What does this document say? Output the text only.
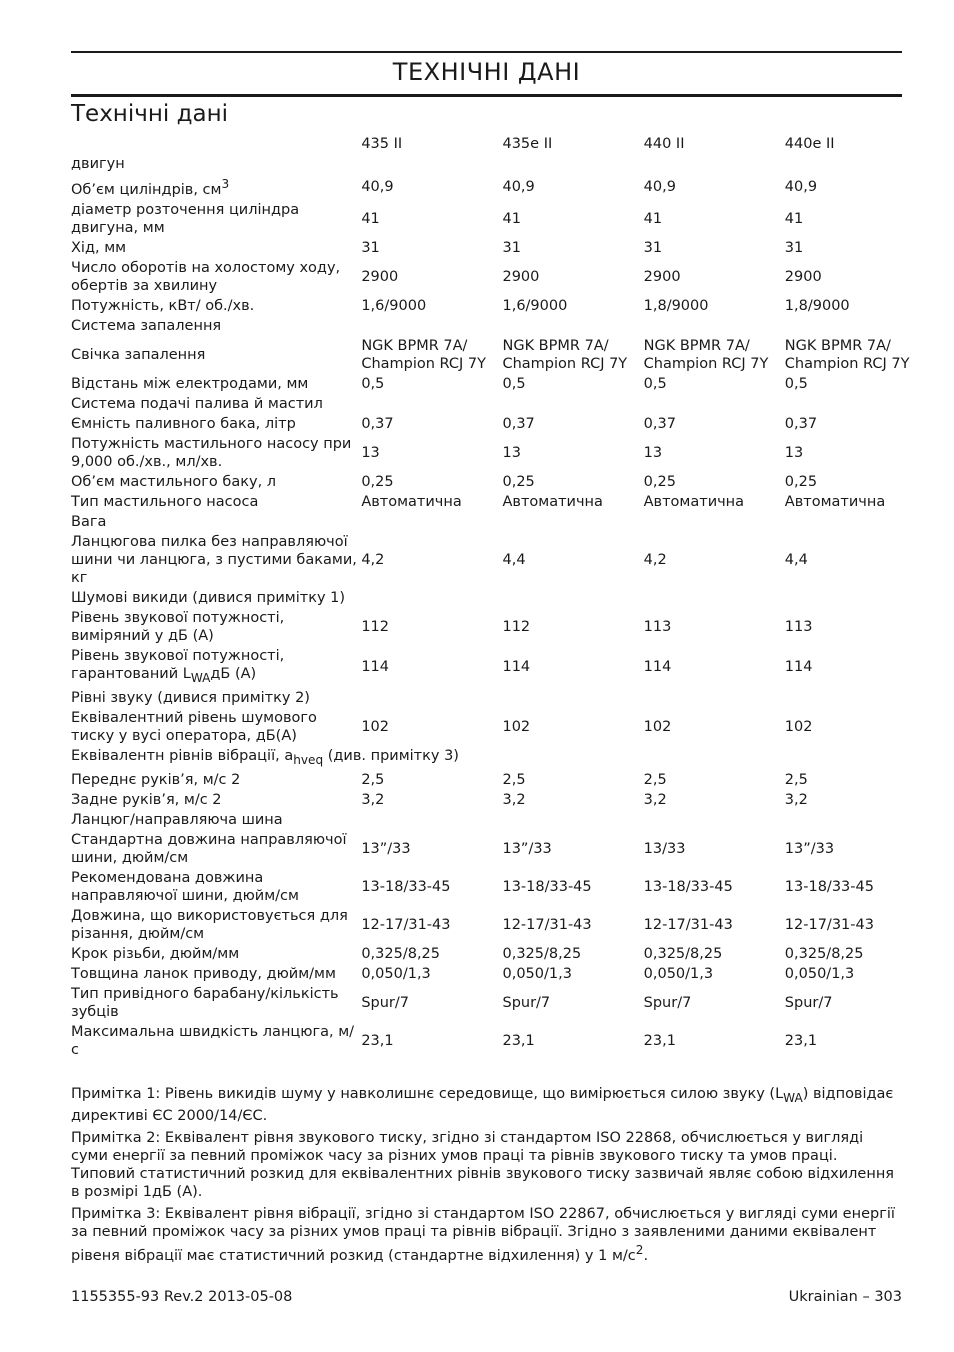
ТЕХНІЧНІ ДАНІ
Технічні дані
	435 II	435e II	440 II	440e II
двигун				
Об’єм циліндрів, $см^3$	40,9	40,9	40,9	40,9
діаметр розточення циліндра двигуна, мм	41	41	41	41
Хід, мм	31	31	31	31
Число оборотів на холостому ходу, обертів за хвилину	2900	2900	2900	2900
Потужність, кВт/ об./хв.	1,6/9000	1,6/9000	1,8/9000	1,8/9000
Система запалення				
Свічка запалення	NGK BPMR 7A/ Champion RCJ 7Y	NGK BPMR 7A/ Champion RCJ 7Y	NGK BPMR 7A/ Champion RCJ 7Y	NGK BPMR 7A/ Champion RCJ 7Y
Відстань між електродами, мм	0,5	0,5	0,5	0,5
Система подачі палива й мастил				
Ємність паливного бака, літр	0,37	0,37	0,37	0,37
Потужність мастильного насосу при 9,000 об./хв., мл/хв.	13	13	13	13
Об’єм мастильного баку, л	0,25	0,25	0,25	0,25
Тип мастильного насоса	Автоматична	Автоматична	Автоматична	Автоматична
Вага				
Ланцюгова пилка без направляючої шини чи ланцюга, з пустими баками, кг	4,2	4,4	4,2	4,4
Шумові викиди (дивися примітку 1)				
Рівень звукової потужності, виміряний у дБ (A)	112	112	113	113
Рівень звукової потужності, гарантований $L_{WA}дБ$ (A)	114	114	114	114
Рівні звуку (дивися примітку 2)				
Еквівалентний рівень шумового тиску у вусі оператора, дБ(A)	102	102	102	102
Еквівалентн рівнів вібрації, $a_{hveq}$ (див. примітку 3)				
Переднє руків’я, м/с 2	2,5	2,5	2,5	2,5
Задне руків’я, м/с 2	3,2	3,2	3,2	3,2
Ланцюг/направляюча шина				
Стандартна довжина направляючої шини, дюйм/см	13”/33	13”/33	13/33	13”/33
Рекомендована довжина направляючої шини, дюйм/см	13-18/33-45	13-18/33-45	13-18/33-45	13-18/33-45
Довжина, що використовується для різання, дюйм/см	12-17/31-43	12-17/31-43	12-17/31-43	12-17/31-43
Крок різьби, дюйм/мм	0,325/8,25	0,325/8,25	0,325/8,25	0,325/8,25
Товщина ланок приводу, дюйм/мм	0,050/1,3	0,050/1,3	0,050/1,3	0,050/1,3
Тип привідного барабану/кількість зубців	Spur/7	Spur/7	Spur/7	Spur/7
Максимальна швидкість ланцюга, м/с	23,1	23,1	23,1	23,1

Примітка 1: Рівень викидів шуму у навколишнє середовище, що вимірюється силою звуку $(L_{WA})$ відповідає директиві ЄС 2000/14/ЄС.

Примітка 2: Еквівалент рівня звукового тиску, згідно зі стандартом ISO 22868, обчислюється у вигляді суми енергії за певний проміжок часу за різних умов праці та рівнів звукового тиску та умов праці. Типовий статистичний розкид для еквівалентних рівнів звукового тиску зазвичай являє собою відхилення в розмірі 1дБ (A).

Примітка 3: Еквівалент рівня вібрації, згідно зі стандартом ISO 22867, обчислюється у вигляді суми енергії за певний проміжок часу за різних умов праці та рівнів вібрації. Згідно з заявленими даними еквівалент рівеня вібрації має статистичний розкид (стандартне відхилення) у 1 $м/с^2$.

1155355-93 Rev.2 2013-05-08	Ukrainian – 303
